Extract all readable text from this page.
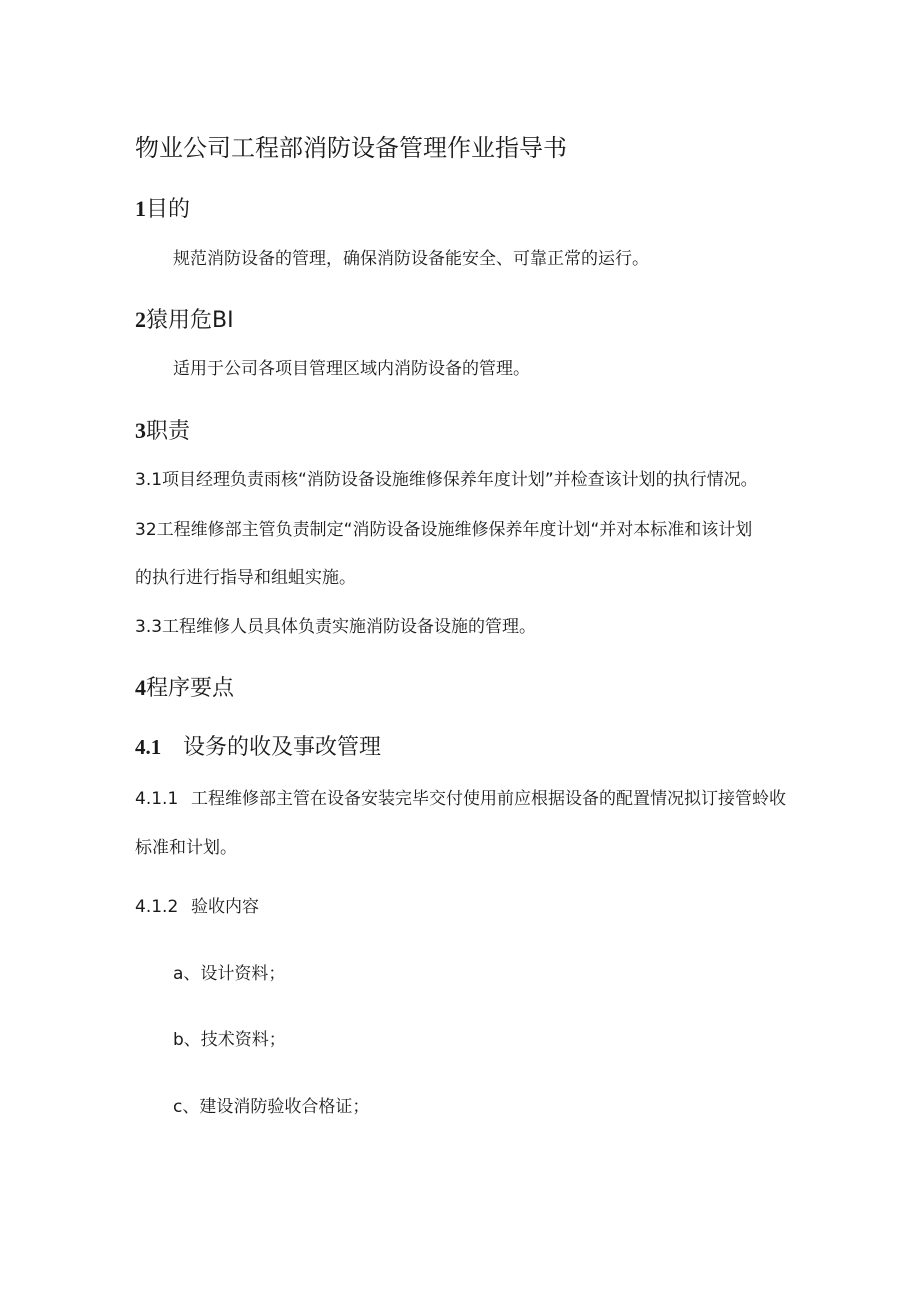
物业公司工程部消防设备管理作业指导书
1目的

规范消防设备的管理，确保消防设备能安全、可靠正常的运行。

2猿用危BI

适用于公司各项目管理区域内消防设备的管理。

3职责

3.1项目经理负责雨核“消防设备设施维修保养年度计划”并检查该计划的执行情况。

32工程维修部主管负责制定“消防设备设施维修保养年度计划“并对本标准和该计划

的执行进行指导和组蛆实施。

3.3工程维修人员具体负责实施消防设备设施的管理。

4程序要点
4.1 设务的收及事改管理

4.1.1 工程维修部主管在设备安装完毕交付使用前应根据设备的配置情况拟订接管蛉收

标准和计划。

4.1.2 验收内容

a、设计资料；

b、技术资料；

c、建设消防验收合格证；
